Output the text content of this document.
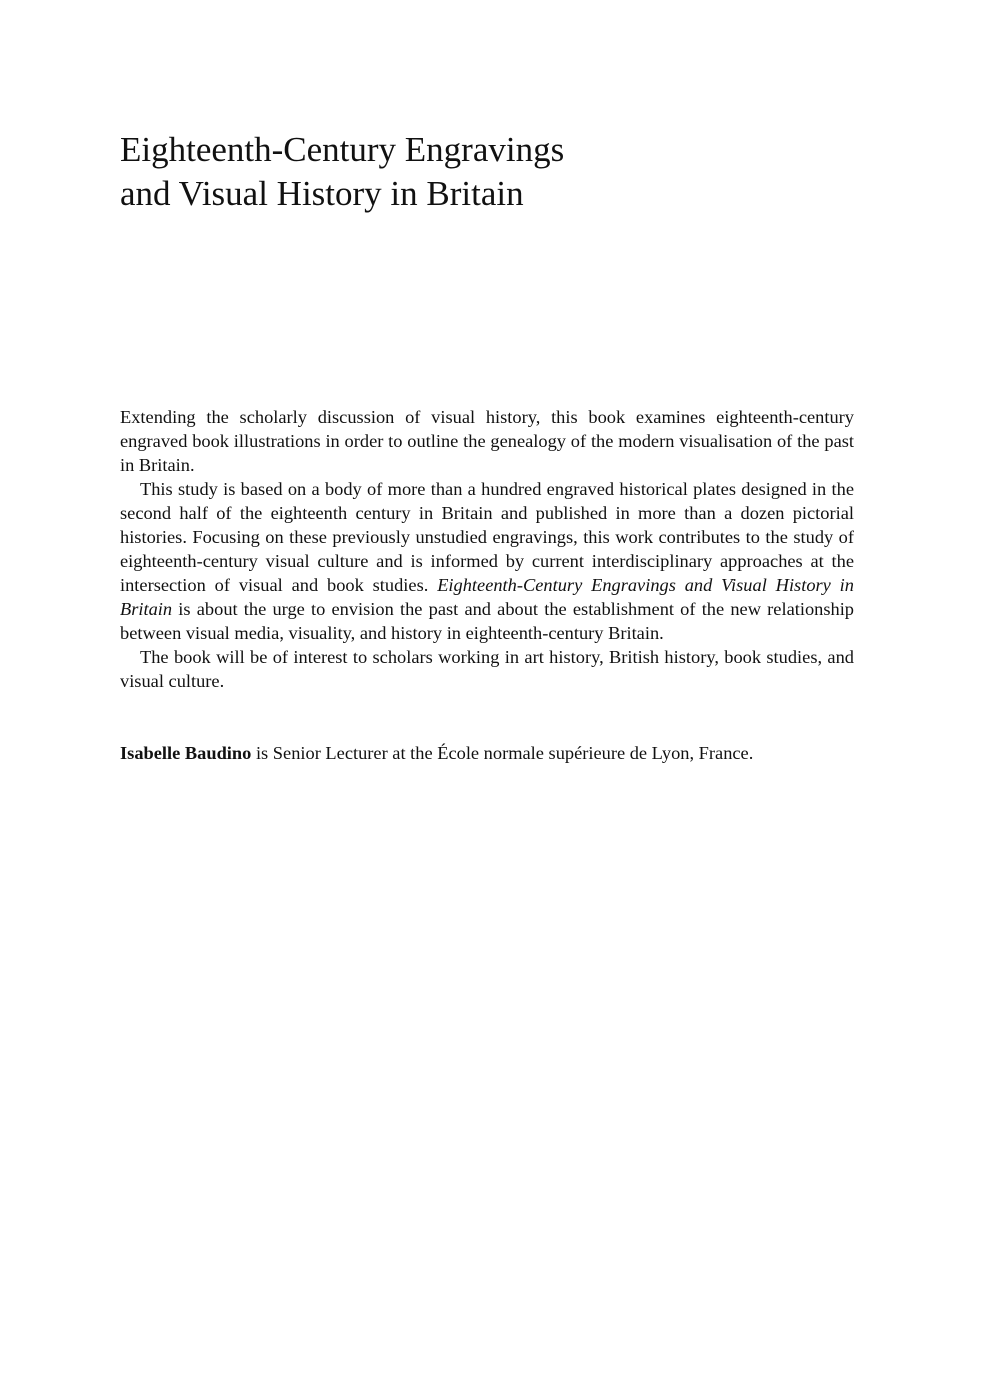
Eighteenth-Century Engravings
and Visual History in Britain

Extending the scholarly discussion of visual history, this book examines eighteenth-century engraved book illustrations in order to outline the genealogy of the modern visualisation of the past in Britain.

This study is based on a body of more than a hundred engraved historical plates designed in the second half of the eighteenth century in Britain and published in more than a dozen pictorial histories. Focusing on these previously unstudied engravings, this work contributes to the study of eighteenth-century visual culture and is informed by current interdisciplinary approaches at the intersection of visual and book studies. Eighteenth-Century Engravings and Visual History in Britain is about the urge to envision the past and about the establishment of the new relationship between visual media, visuality, and history in eighteenth-century Britain.

The book will be of interest to scholars working in art history, British history, book studies, and visual culture.

Isabelle Baudino is Senior Lecturer at the École normale supérieure de Lyon, France.
